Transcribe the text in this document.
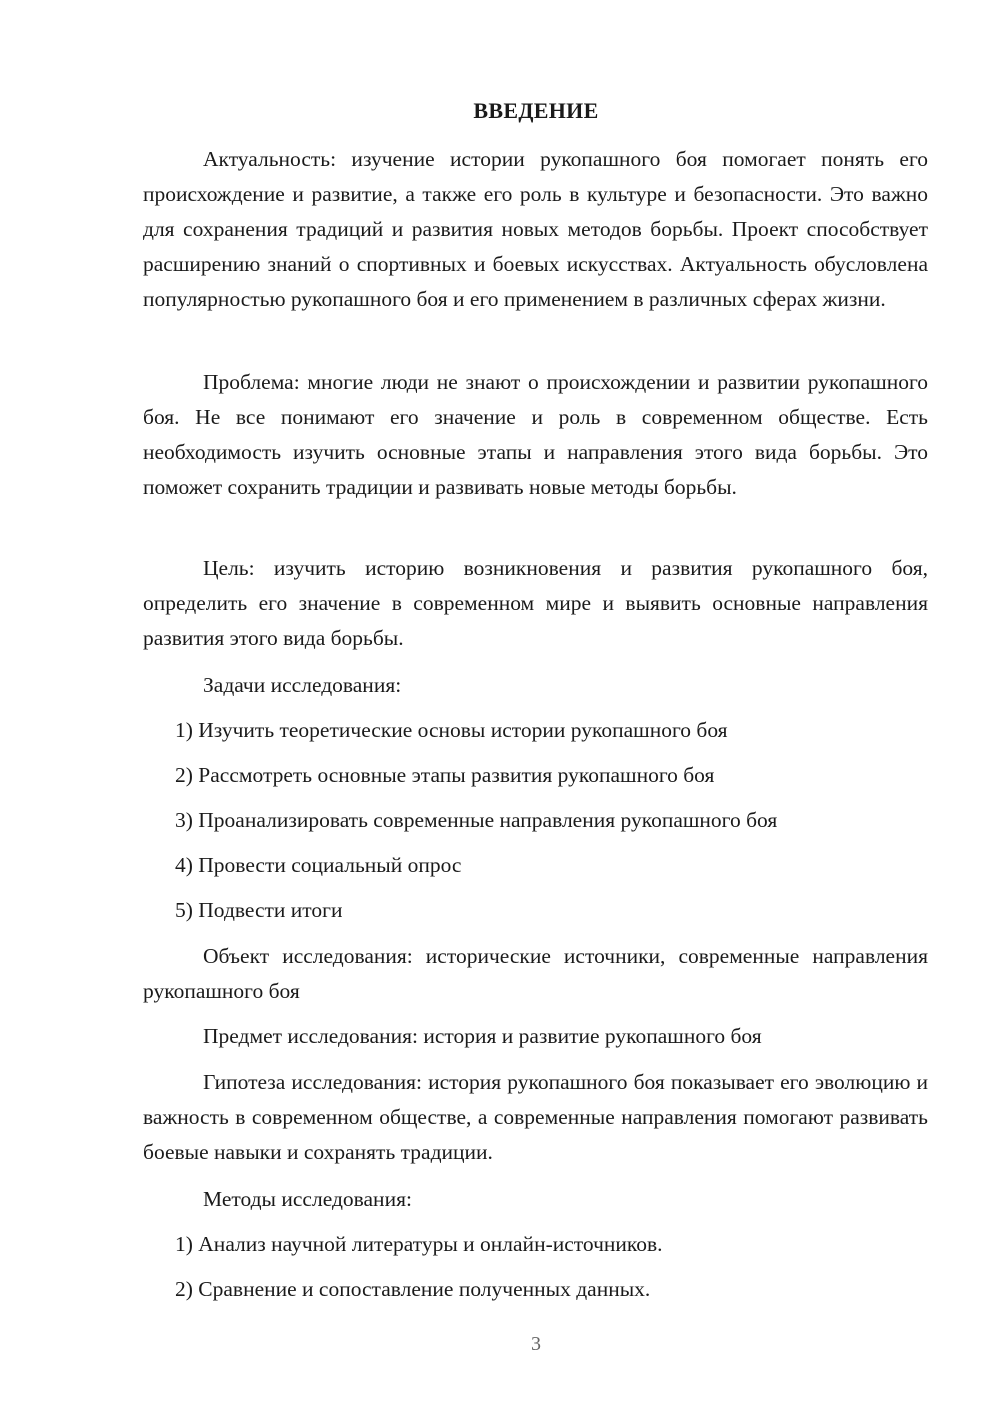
ВВЕДЕНИЕ

Актуальность: изучение истории рукопашного боя помогает понять его происхождение и развитие, а также его роль в культуре и безопасности. Это важно для сохранения традиций и развития новых методов борьбы. Проект способствует расширению знаний о спортивных и боевых искусствах. Актуальность обусловлена популярностью рукопашного боя и его применением в различных сферах жизни.

Проблема: многие люди не знают о происхождении и развитии рукопашного боя. Не все понимают его значение и роль в современном обществе. Есть необходимость изучить основные этапы и направления этого вида борьбы. Это поможет сохранить традиции и развивать новые методы борьбы.

Цель: изучить историю возникновения и развития рукопашного боя, определить его значение в современном мире и выявить основные направления развития этого вида борьбы.

Задачи исследования:

1) Изучить теоретические основы истории рукопашного боя

2) Рассмотреть основные этапы развития рукопашного боя

3) Проанализировать современные направления рукопашного боя

4) Провести социальный опрос

5) Подвести итоги

Объект исследования: исторические источники, современные направления рукопашного боя

Предмет исследования: история и развитие рукопашного боя

Гипотеза исследования: история рукопашного боя показывает его эволюцию и важность в современном обществе, а современные направления помогают развивать боевые навыки и сохранять традиции.

Методы исследования:

1) Анализ научной литературы и онлайн-источников.

2) Сравнение и сопоставление полученных данных.

3
